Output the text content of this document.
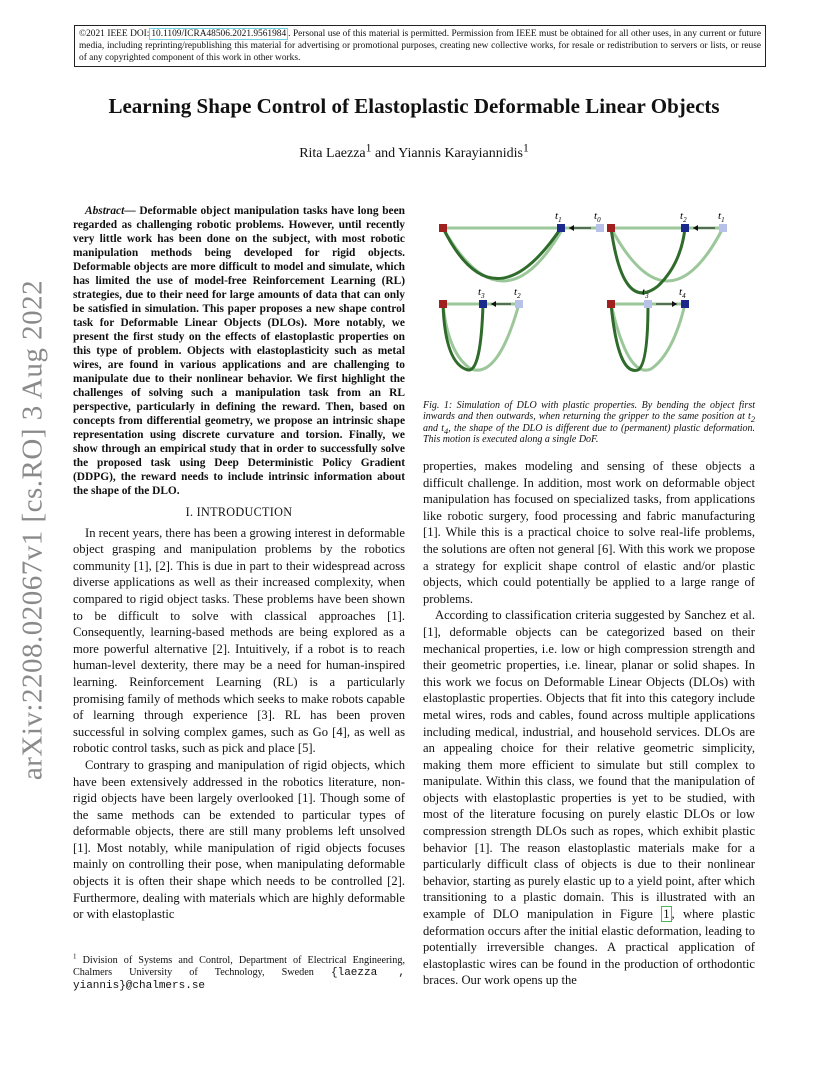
©2021 IEEE DOI: 10.1109/ICRA48506.2021.9561984 . Personal use of this material is permitted. Permission from IEEE must be obtained for all other uses, in any current or future media, including reprinting/republishing this material for advertising or promotional purposes, creating new collective works, for resale or redistribution to servers or lists, or reuse of any copyrighted component of this work in other works.
arXiv:2208.02067v1 [cs.RO] 3 Aug 2022
Learning Shape Control of Elastoplastic Deformable Linear Objects
Rita Laezza$^1$ and Yiannis Karayiannidis$^1$

Abstract— Deformable object manipulation tasks have long been regarded as challenging robotic problems. However, until recently very little work has been done on the subject, with most robotic manipulation methods being developed for rigid objects. Deformable objects are more difficult to model and simulate, which has limited the use of model-free Reinforcement Learning (RL) strategies, due to their need for large amounts of data that can only be satisfied in simulation. This paper proposes a new shape control task for Deformable Linear Objects (DLOs). More notably, we present the first study on the effects of elastoplastic properties on this type of problem. Objects with elastoplasticity such as metal wires, are found in various applications and are challenging to manipulate due to their nonlinear behavior. We first highlight the challenges of solving such a manipulation task from an RL perspective, particularly in defining the reward. Then, based on concepts from differential geometry, we propose an intrinsic shape representation using discrete curvature and torsion. Finally, we show through an empirical study that in order to successfully solve the proposed task using Deep Deterministic Policy Gradient (DDPG), the reward needs to include intrinsic information about the shape of the DLO.

I. INTRODUCTION

In recent years, there has been a growing interest in deformable object grasping and manipulation problems by the robotics community [1], [2]. This is due in part to their widespread across diverse applications as well as their increased complexity, when compared to rigid object tasks. These problems have been shown to be difficult to solve with classical approaches [1]. Consequently, learning-based methods are being explored as a more powerful alternative [2]. Intuitively, if a robot is to reach human-level dexterity, there may be a need for human-inspired learning. Reinforcement Learning (RL) is a particularly promising family of methods which seeks to make robots capable of learning through experience [3]. RL has been proven successful in solving complex games, such as Go [4], as well as robotic control tasks, such as pick and place [5].

Contrary to grasping and manipulation of rigid objects, which have been extensively addressed in the robotics literature, non-rigid objects have been largely overlooked [1]. Though some of the same methods can be extended to particular types of deformable objects, there are still many problems left unsolved [1]. Most notably, while manipulation of rigid objects focuses mainly on controlling their pose, when manipulating deformable objects it is often their shape which needs to be controlled [2]. Furthermore, dealing with materials which are highly deformable or with elastoplastic

$^1$ Division of Systems and Control, Department of Electrical Engineering, Chalmers University of Technology, Sweden {laezza , yiannis}@chalmers.se
$t_1$	$t_0$	$t_2$	$t_1$
$t_3$	$t_2$	$t_3$	$t_4$
Fig. 1: Simulation of DLO with plastic properties. By bending the object first inwards and then outwards, when returning the gripper to the same position at $t_2$ and $t_4$, the shape of the DLO is different due to (permanent) plastic deformation. This motion is executed along a single DoF.

properties, makes modeling and sensing of these objects a difficult challenge. In addition, most work on deformable object manipulation has focused on specialized tasks, from applications like robotic surgery, food processing and fabric manufacturing [1]. While this is a practical choice to solve real-life problems, the solutions are often not general [6]. With this work we propose a strategy for explicit shape control of elastic and/or plastic objects, which could potentially be applied to a large range of problems.

According to classification criteria suggested by Sanchez et al. [1], deformable objects can be categorized based on their mechanical properties, i.e. low or high compression strength and their geometric properties, i.e. linear, planar or solid shapes. In this work we focus on Deformable Linear Objects (DLOs) with elastoplastic properties. Objects that fit into this category include metal wires, rods and cables, found across multiple applications including medical, industrial, and household services. DLOs are an appealing choice for their relative geometric simplicity, making them more efficient to simulate but still complex to manipulate. Within this class, we found that the manipulation of objects with elastoplastic properties is yet to be studied, with most of the literature focusing on purely elastic DLOs or low compression strength DLOs such as ropes, which exhibit plastic behavior [1]. The reason elastoplastic materials make for a particularly difficult class of objects is due to their nonlinear behavior, starting as purely elastic up to a yield point, after which transitioning to a plastic domain. This is illustrated with an example of DLO manipulation in Figure 1 , where plastic deformation occurs after the initial elastic deformation, leading to potentially irreversible changes. A practical application of elastoplastic wires can be found in the production of orthodontic braces. Our work opens up the
